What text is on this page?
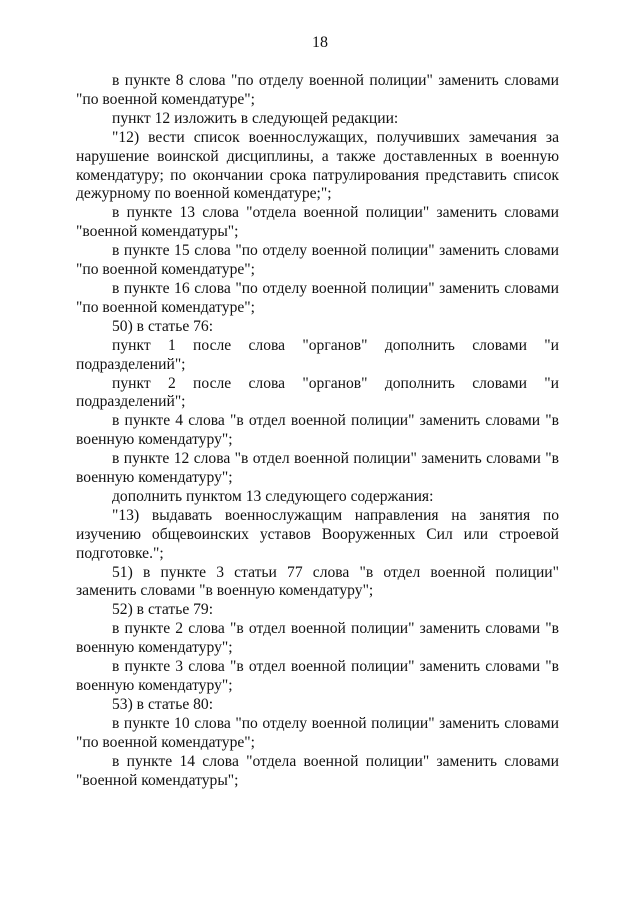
18

в пункте 8 слова "по отделу военной полиции" заменить словами "по военной комендатуре";

пункт 12 изложить в следующей редакции:

"12) вести список военнослужащих, получивших замечания за нарушение воинской дисциплины, а также доставленных в военную комендатуру; по окончании срока патрулирования представить список дежурному по военной комендатуре;";

в пункте 13 слова "отдела военной полиции" заменить словами "военной комендатуры";

в пункте 15 слова "по отделу военной полиции" заменить словами "по военной комендатуре";

в пункте 16 слова "по отделу военной полиции" заменить словами "по военной комендатуре";

50) в статье 76:

пункт 1 после слова "органов" дополнить словами "и подразделений";

пункт 2 после слова "органов" дополнить словами "и подразделений";

в пункте 4 слова "в отдел военной полиции" заменить словами "в военную комендатуру";

в пункте 12 слова "в отдел военной полиции" заменить словами "в военную комендатуру";

дополнить пунктом 13 следующего содержания:

"13) выдавать военнослужащим направления на занятия по изучению общевоинских уставов Вооруженных Сил или строевой подготовке.";

51) в пункте 3 статьи 77 слова "в отдел военной полиции" заменить словами "в военную комендатуру";

52) в статье 79:

в пункте 2 слова "в отдел военной полиции" заменить словами "в военную комендатуру";

в пункте 3 слова "в отдел военной полиции" заменить словами "в военную комендатуру";

53) в статье 80:

в пункте 10 слова "по отделу военной полиции" заменить словами "по военной комендатуре";

в пункте 14 слова "отдела военной полиции" заменить словами "военной комендатуры";
